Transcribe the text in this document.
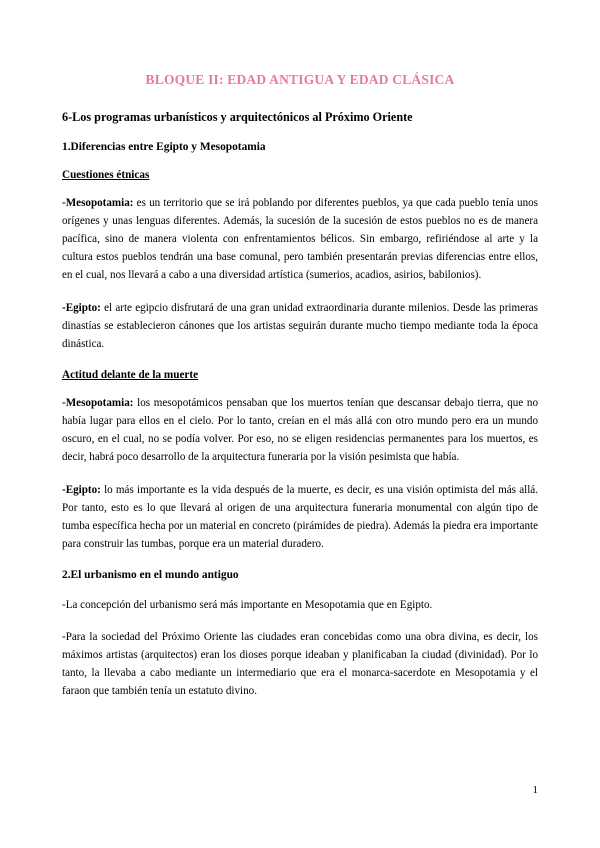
BLOQUE II: EDAD ANTIGUA Y EDAD CLÁSICA
6-Los programas urbanísticos y arquitectónicos al Próximo Oriente
1.Diferencias entre Egipto y Mesopotamia
Cuestiones étnicas

-Mesopotamia: es un territorio que se irá poblando por diferentes pueblos, ya que cada pueblo tenía unos orígenes y unas lenguas diferentes. Además, la sucesión de la sucesión de estos pueblos no es de manera pacífica, sino de manera violenta con enfrentamientos bélicos. Sin embargo, refiriéndose al arte y la cultura estos pueblos tendrán una base comunal, pero también presentarán previas diferencias entre ellos, en el cual, nos llevará a cabo a una diversidad artística (sumerios, acadios, asirios, babilonios).

-Egipto: el arte egipcio disfrutará de una gran unidad extraordinaria durante milenios. Desde las primeras dinastías se establecieron cánones que los artistas seguirán durante mucho tiempo mediante toda la época dinástica.

Actitud delante de la muerte

-Mesopotamia: los mesopotámicos pensaban que los muertos tenían que descansar debajo tierra, que no había lugar para ellos en el cielo. Por lo tanto, creían en el más allá con otro mundo pero era un mundo oscuro, en el cual, no se podía volver. Por eso, no se eligen residencias permanentes para los muertos, es decir, habrá poco desarrollo de la arquitectura funeraria por la visión pesimista que había.

-Egipto: lo más importante es la vida después de la muerte, es decir, es una visión optimista del más allá. Por tanto, esto es lo que llevará al origen de una arquitectura funeraria monumental con algún tipo de tumba específica hecha por un material en concreto (pirámides de piedra). Además la piedra era importante para construir las tumbas, porque era un material duradero.

2.El urbanismo en el mundo antiguo

-La concepción del urbanismo será más importante en Mesopotamia que en Egipto.

-Para la sociedad del Próximo Oriente las ciudades eran concebidas como una obra divina, es decir, los máximos artistas (arquitectos) eran los dioses porque ideaban y planificaban la ciudad (divinidad). Por lo tanto, la llevaba a cabo mediante un intermediario que era el monarca-sacerdote en Mesopotamia y el faraon que también tenía un estatuto divino.

1
